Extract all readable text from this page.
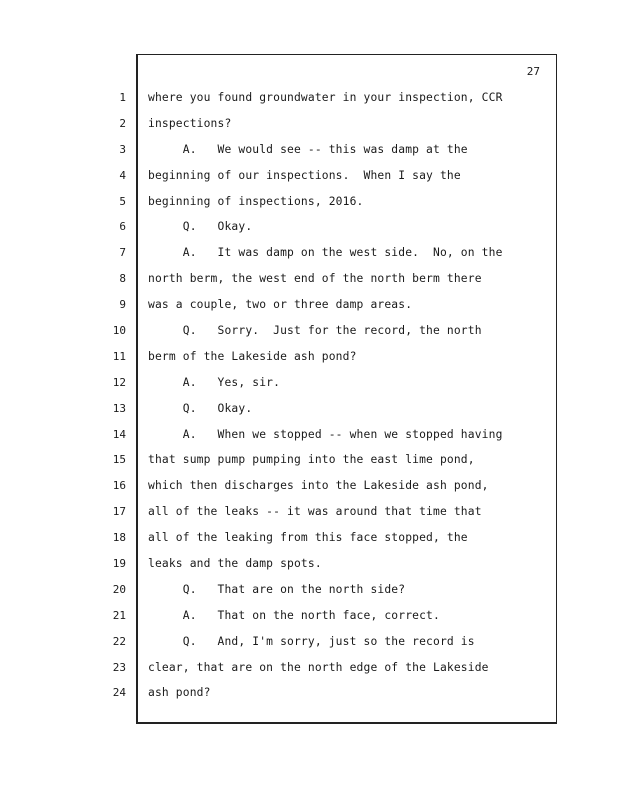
27
1
2
3
4
5
6
7
8
9
10
11
12
13
14
15
16
17
18
19
20
21
22
23
24
where you found groundwater in your inspection, CCR
inspections?
A.   We would see -- this was damp at the
beginning of our inspections.  When I say the
beginning of inspections, 2016.
Q.   Okay.
A.   It was damp on the west side.  No, on the
north berm, the west end of the north berm there
was a couple, two or three damp areas.
Q.   Sorry.  Just for the record, the north
berm of the Lakeside ash pond?
A.   Yes, sir.
Q.   Okay.
A.   When we stopped -- when we stopped having
that sump pump pumping into the east lime pond,
which then discharges into the Lakeside ash pond,
all of the leaks -- it was around that time that
all of the leaking from this face stopped, the
leaks and the damp spots.
Q.   That are on the north side?
A.   That on the north face, correct.
Q.   And, I'm sorry, just so the record is
clear, that are on the north edge of the Lakeside
ash pond?
